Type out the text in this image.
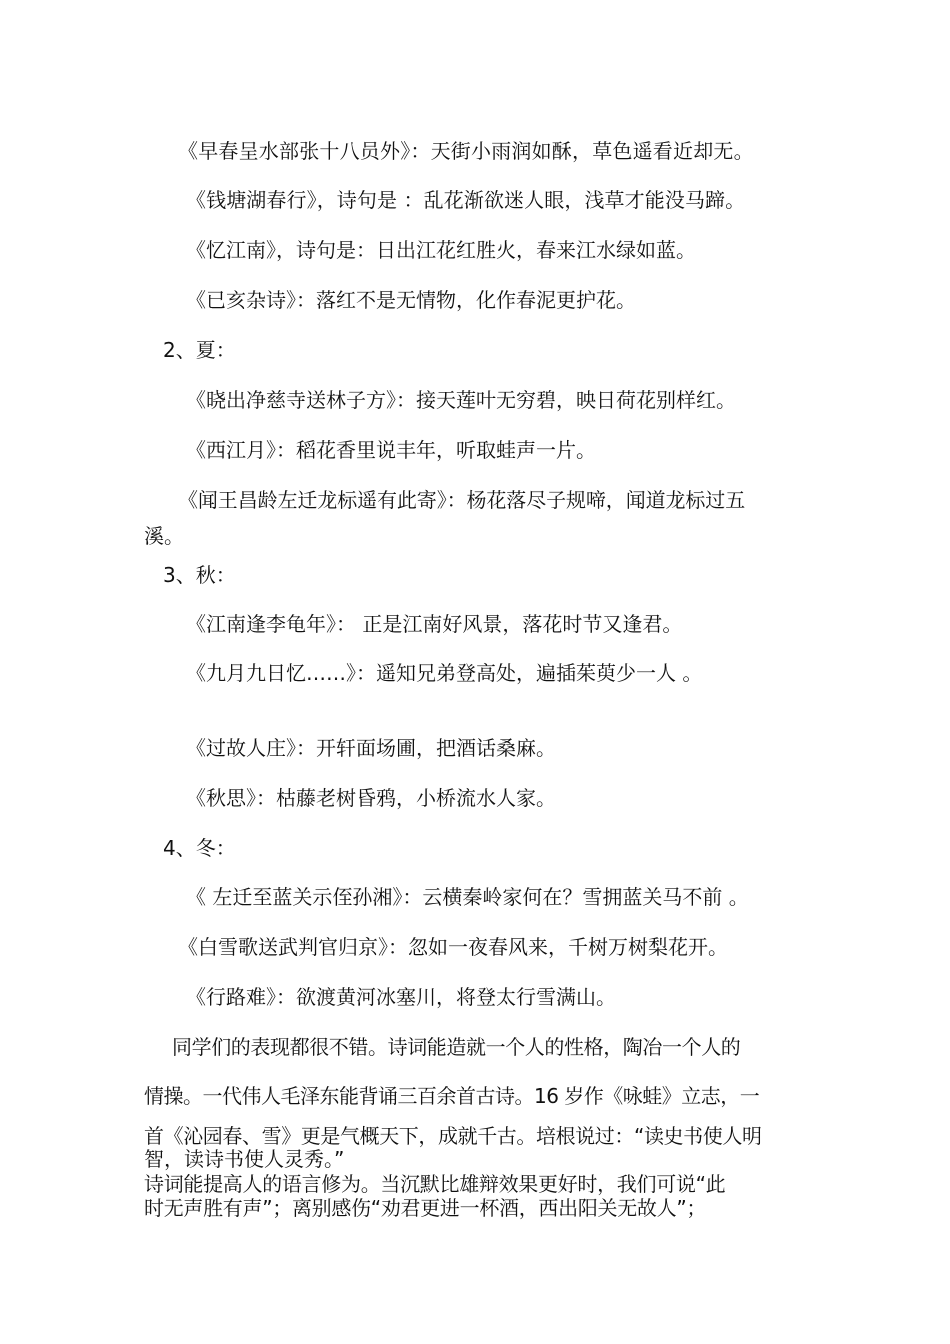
《早春呈水部张十八员外》：天街小雨润如酥，草色遥看近却无。
《钱塘湖春行》，诗句是 ：乱花渐欲迷人眼，浅草才能没马蹄。
《忆江南》，诗句是：日出江花红胜火，春来江水绿如蓝。
《已亥杂诗》：落红不是无情物，化作春泥更护花。
2、夏：
《晓出净慈寺送林子方》：接天莲叶无穷碧，映日荷花别样红。
《西江月》：稻花香里说丰年，听取蛙声一片。
《闻王昌龄左迁龙标遥有此寄》：杨花落尽子规啼，闻道龙标过五
溪。
3、秋：
《江南逢李龟年》： 正是江南好风景，落花时节又逢君。
《九月九日忆……》：遥知兄弟登高处，遍插茱萸少一人 。
《过故人庄》：开轩面场圃，把酒话桑麻。
《秋思》：枯藤老树昏鸦，小桥流水人家。
4、冬：
《 左迁至蓝关示侄孙湘》：云横秦岭家何在？雪拥蓝关马不前 。
《白雪歌送武判官归京》：忽如一夜春风来，千树万树梨花开。
《行路难》：欲渡黄河冰塞川，将登太行雪满山。
同学们的表现都很不错。诗词能造就一个人的性格，陶冶一个人的
情操。一代伟人毛泽东能背诵三百余首古诗。16 岁作《咏蛙》立志，一
首《沁园春、雪》更是气概天下，成就千古。培根说过：“读史书使人明
智，读诗书使人灵秀。”
诗词能提高人的语言修为。当沉默比雄辩效果更好时，我们可说“此
时无声胜有声”；离别感伤“劝君更进一杯酒，西出阳关无故人”；
